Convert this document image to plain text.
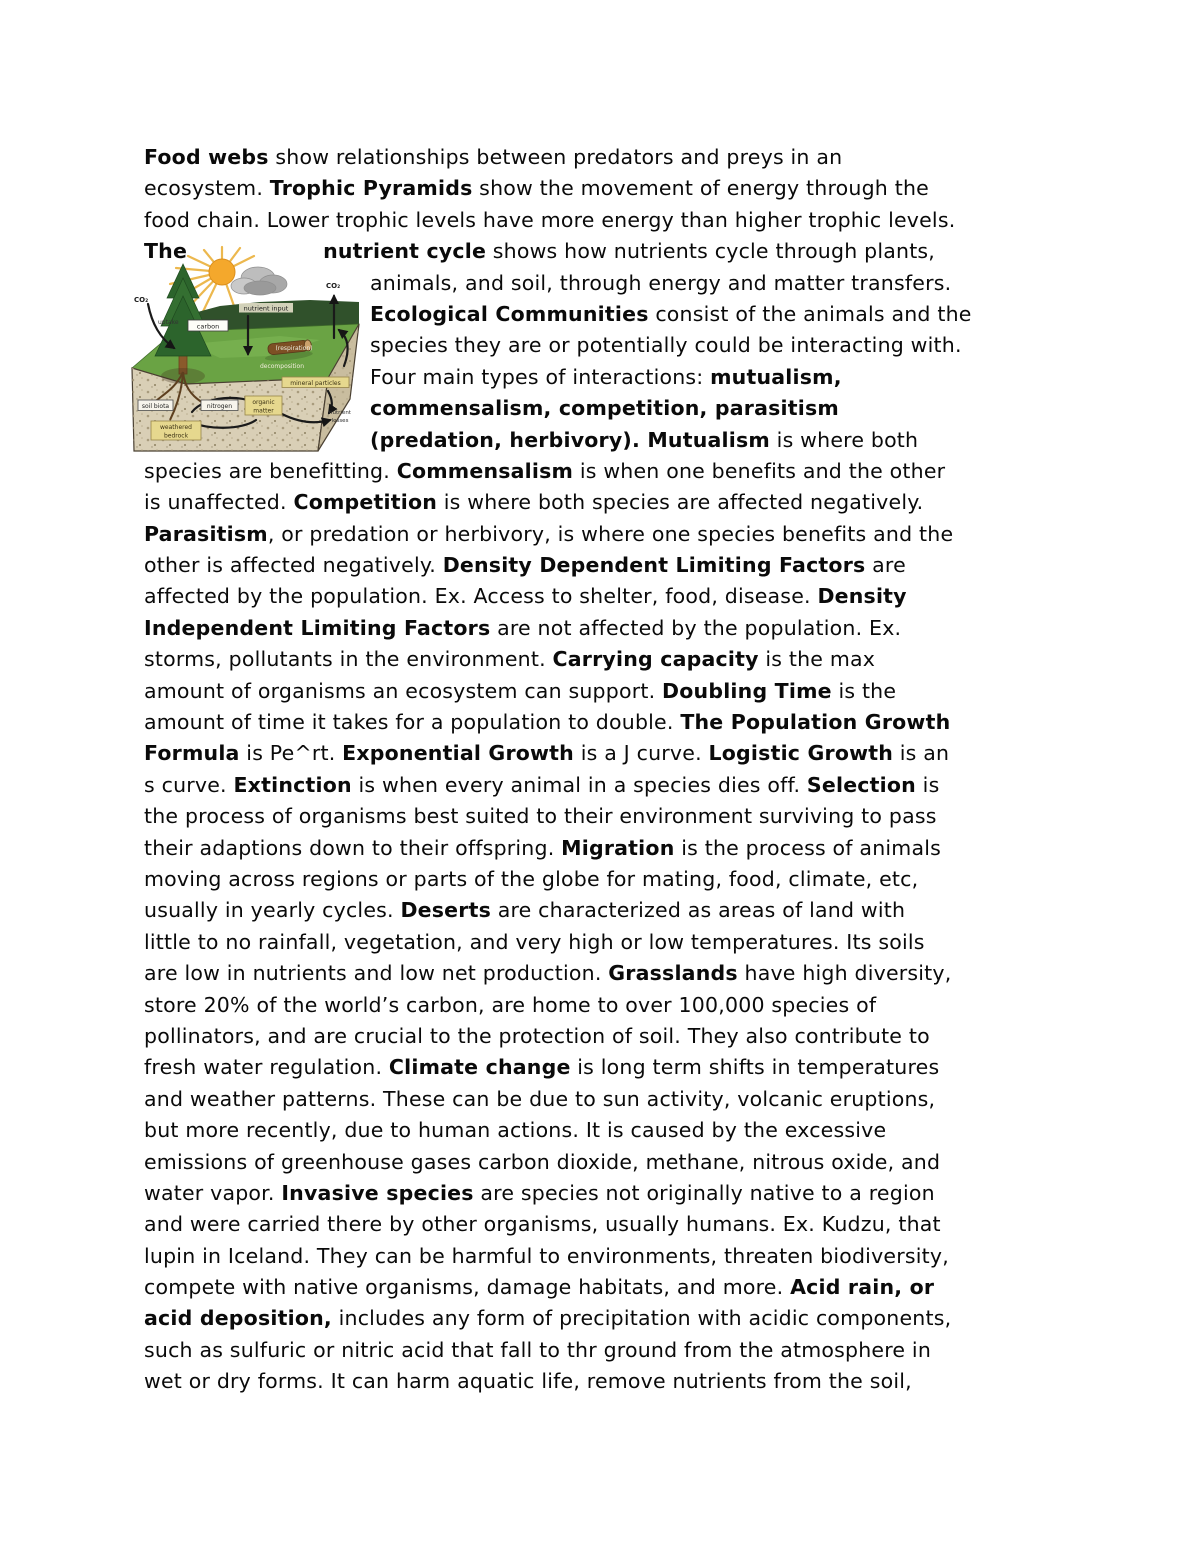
CO₂
uptake	carbon
nutrient input
CO₂
(respiration)
decomposition
mineral particles
soil biota	nitrogen
organic
matter
weathered
bedrock
nutrient
losses
Food webs show relationships between predators and preys in an
ecosystem. Trophic Pyramids show the movement of energy through the
food chain. Lower trophic levels have more energy than higher trophic levels.
The	nutrient cycle shows how nutrients cycle through plants,
animals, and soil, through energy and matter transfers.
Ecological Communities consist of the animals and the
species they are or potentially could be interacting with.
Four main types of interactions: mutualism,
commensalism, competition, parasitism
(predation, herbivory). Mutualism is where both
species are benefitting. Commensalism is when one benefits and the other
is unaffected. Competition is where both species are affected negatively.
Parasitism, or predation or herbivory, is where one species benefits and the
other is affected negatively. Density Dependent Limiting Factors are
affected by the population. Ex. Access to shelter, food, disease. Density
Independent Limiting Factors are not affected by the population. Ex.
storms, pollutants in the environment. Carrying capacity is the max
amount of organisms an ecosystem can support. Doubling Time is the
amount of time it takes for a population to double. The Population Growth
Formula is Pe^rt. Exponential Growth is a J curve. Logistic Growth is an
s curve. Extinction is when every animal in a species dies off. Selection is
the process of organisms best suited to their environment surviving to pass
their adaptions down to their offspring. Migration is the process of animals
moving across regions or parts of the globe for mating, food, climate, etc,
usually in yearly cycles. Deserts are characterized as areas of land with
little to no rainfall, vegetation, and very high or low temperatures. Its soils
are low in nutrients and low net production. Grasslands have high diversity,
store 20% of the world’s carbon, are home to over 100,000 species of
pollinators, and are crucial to the protection of soil. They also contribute to
fresh water regulation. Climate change is long term shifts in temperatures
and weather patterns. These can be due to sun activity, volcanic eruptions,
but more recently, due to human actions. It is caused by the excessive
emissions of greenhouse gases carbon dioxide, methane, nitrous oxide, and
water vapor. Invasive species are species not originally native to a region
and were carried there by other organisms, usually humans. Ex. Kudzu, that
lupin in Iceland. They can be harmful to environments, threaten biodiversity,
compete with native organisms, damage habitats, and more. Acid rain, or
acid deposition, includes any form of precipitation with acidic components,
such as sulfuric or nitric acid that fall to thr ground from the atmosphere in
wet or dry forms. It can harm aquatic life, remove nutrients from the soil,
